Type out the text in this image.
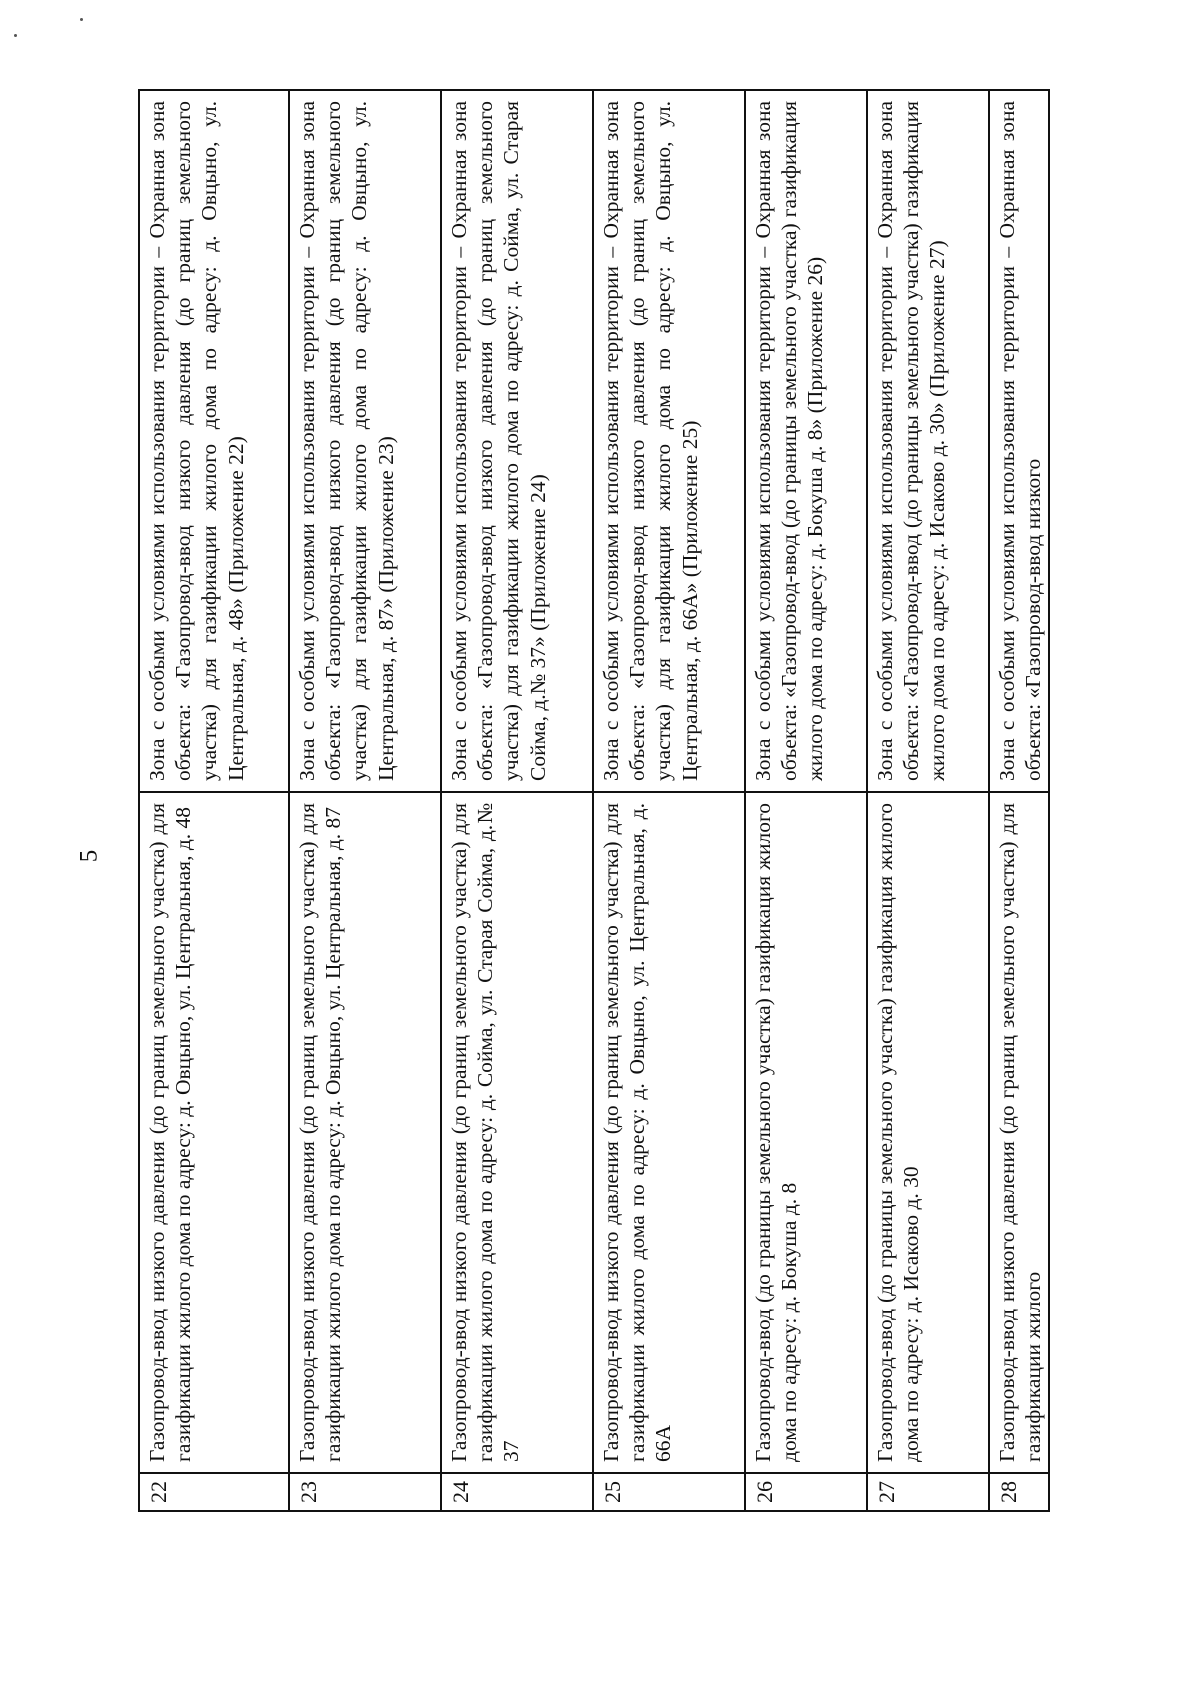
5
22	Газопровод-ввод низкого давления (до границ земельного участка) для газификации жилого дома по адресу: д. Овцыно, ул. Центральная, д. 48	Зона с особыми условиями использования территории – Охранная зона объекта: «Газопровод-ввод низкого давления (до границ земельного участка) для газификации жилого дома по адресу: д. Овцыно, ул. Центральная, д. 48» (Приложение 22)
23	Газопровод-ввод низкого давления (до границ земельного участка) для газификации жилого дома по адресу: д. Овцыно, ул. Центральная, д. 87	Зона с особыми условиями использования территории – Охранная зона объекта: «Газопровод-ввод низкого давления (до границ земельного участка) для газификации жилого дома по адресу: д. Овцыно, ул. Центральная, д. 87» (Приложение 23)
24	Газопровод-ввод низкого давления (до границ земельного участка) для газификации жилого дома по адресу: д. Сойма, ул. Старая Сойма, д.№ 37	Зона с особыми условиями использования территории – Охранная зона объекта: «Газопровод-ввод низкого давления (до границ земельного участка) для газификации жилого дома по адресу: д. Сойма, ул. Старая Сойма, д.№ 37» (Приложение 24)
25	Газопровод-ввод низкого давления (до границ земельного участка) для газификации жилого дома по адресу: д. Овцыно, ул. Центральная, д. 66А	Зона с особыми условиями использования территории – Охранная зона объекта: «Газопровод-ввод низкого давления (до границ земельного участка) для газификации жилого дома по адресу: д. Овцыно, ул. Центральная, д. 66А» (Приложение 25)
26	Газопровод-ввод (до границы земельного участка) газификация жилого дома по адресу: д. Бокуша д. 8	Зона с особыми условиями использования территории – Охранная зона объекта: «Газопровод-ввод (до границы земельного участка) газификация жилого дома по адресу: д. Бокуша д. 8» (Приложение 26)
27	Газопровод-ввод (до границы земельного участка) газификация жилого дома по адресу: д. Исаково д. 30	Зона с особыми условиями использования территории – Охранная зона объекта: «Газопровод-ввод (до границы земельного участка) газификация жилого дома по адресу: д. Исаково д. 30» (Приложение 27)
28	Газопровод-ввод низкого давления (до границ земельного участка) для газификации жилого	Зона с особыми условиями использования территории – Охранная зона объекта: «Газопровод-ввод низкого
